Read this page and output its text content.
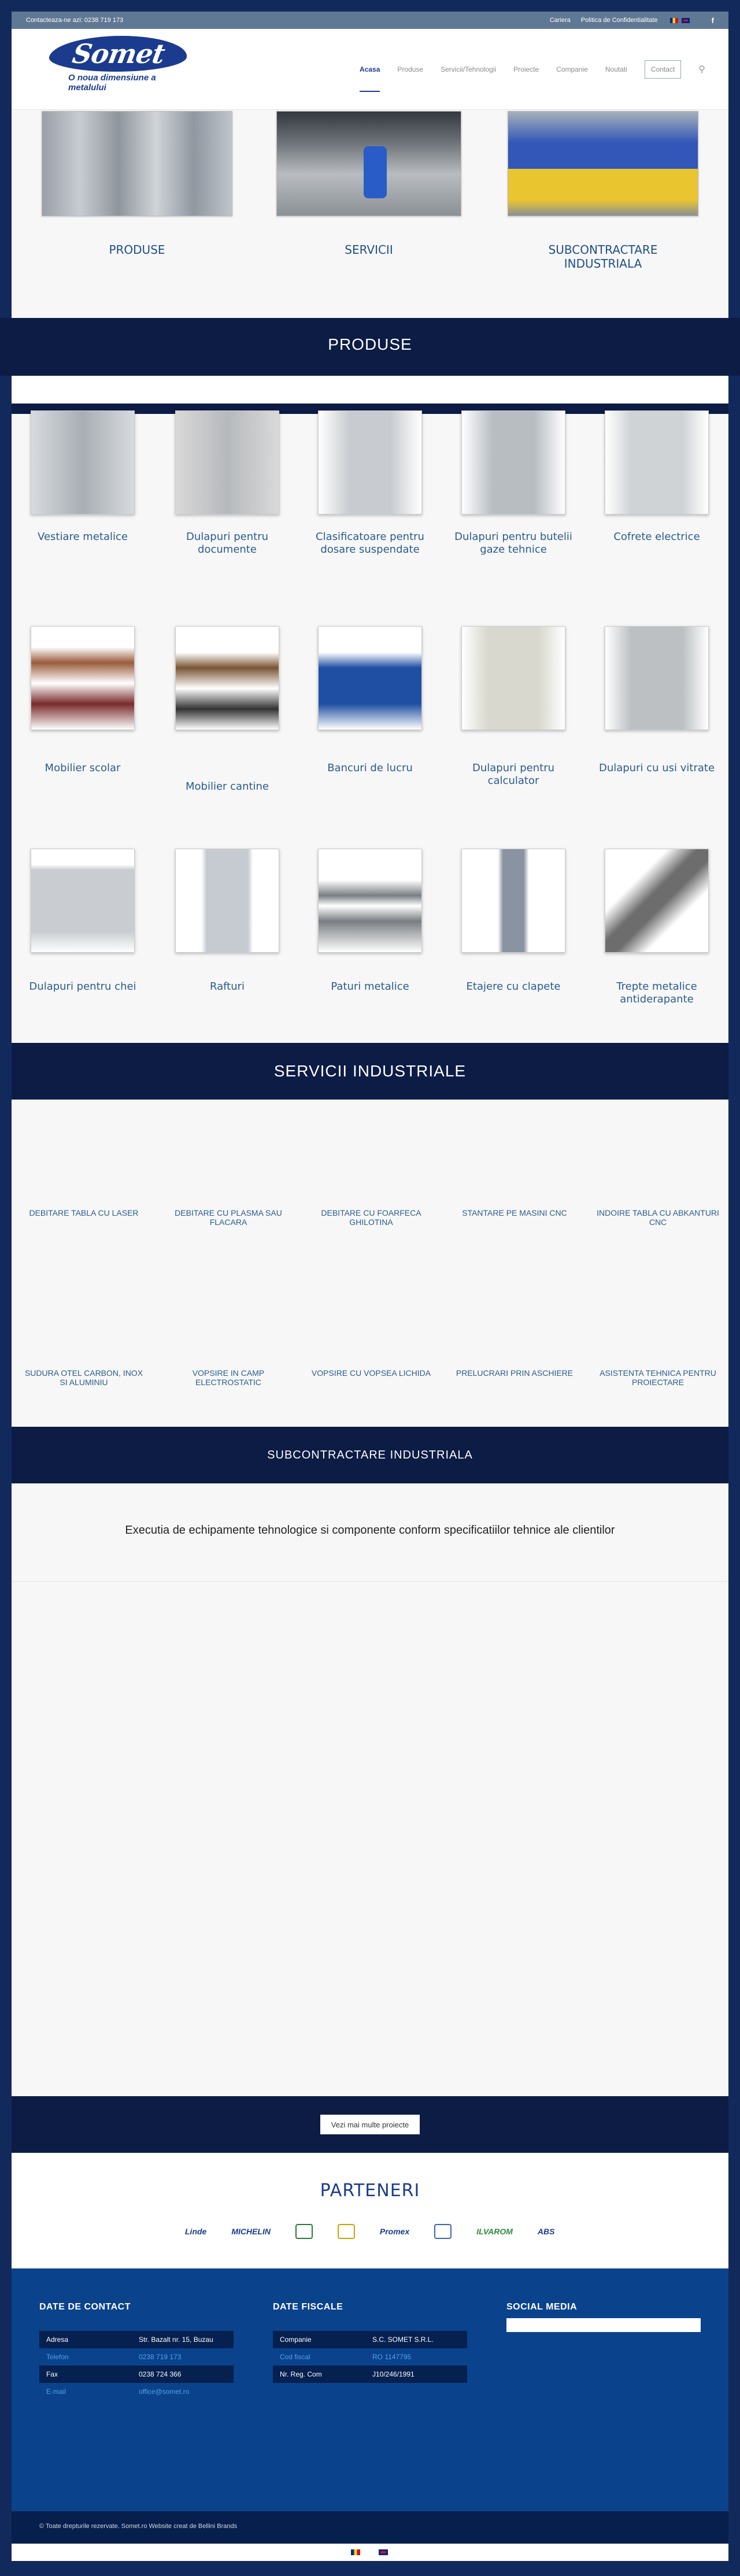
Contacteaza-ne azi: 0238 719 173	Cariera Politica de Confidentialitate
	f
Somet
O noua dimensiune a metalului
Acasa	Produse	Servicii/Tehnologii	Proiecte	Companie	Noutati	Contact	⚲
PRODUSE	SERVICII	SUBCONTRACTARE
INDUSTRIALA
PRODUSE
Vestiare metalice	Dulapuri pentru documente
Clasificatoare pentru dosare suspendate
Dulapuri pentru butelii gaze tehnice
Cofrete electrice
Mobilier scolar
Mobilier cantine
Bancuri de lucru	Dulapuri pentru calculator
Dulapuri cu usi vitrate
Dulapuri pentru chei	Rafturi	Paturi metalice	Etajere cu clapete	Trepte metalice antiderapante
SERVICII INDUSTRIALE
DEBITARE TABLA CU LASER	DEBITARE CU PLASMA SAU FLACARA
DEBITARE CU FOARFECA GHILOTINA
STANTARE PE MASINI CNC	INDOIRE TABLA CU ABKANTURI CNC
SUDURA OTEL CARBON, INOX SI ALUMINIU
VOPSIRE IN CAMP ELECTROSTATIC
VOPSIRE CU VOPSEA LICHIDA	PRELUCRARI PRIN ASCHIERE	ASISTENTA TEHNICA PENTRU PROIECTARE
SUBCONTRACTARE INDUSTRIALA
Executia de echipamente tehnologice si componente conform specificatiilor tehnice ale clientilor
Vezi mai multe proiecte
PARTENERI
Linde	MICHELIN	Promex	ILVAROM	ABS
DATE DE CONTACT
Adresa	Str. Bazalt nr. 15, Buzau
Telefon	0238 719 173
Fax	0238 724 366
E-mail	office@somet.ro
DATE FISCALE
Companie	S.C. SOMET S.R.L.
Cod fiscal	RO 1147795
Nr. Reg. Com	J10/246/1991
SOCIAL MEDIA
© Toate drepturile rezervate. Somet.ro Website creat de Bellini Brands
